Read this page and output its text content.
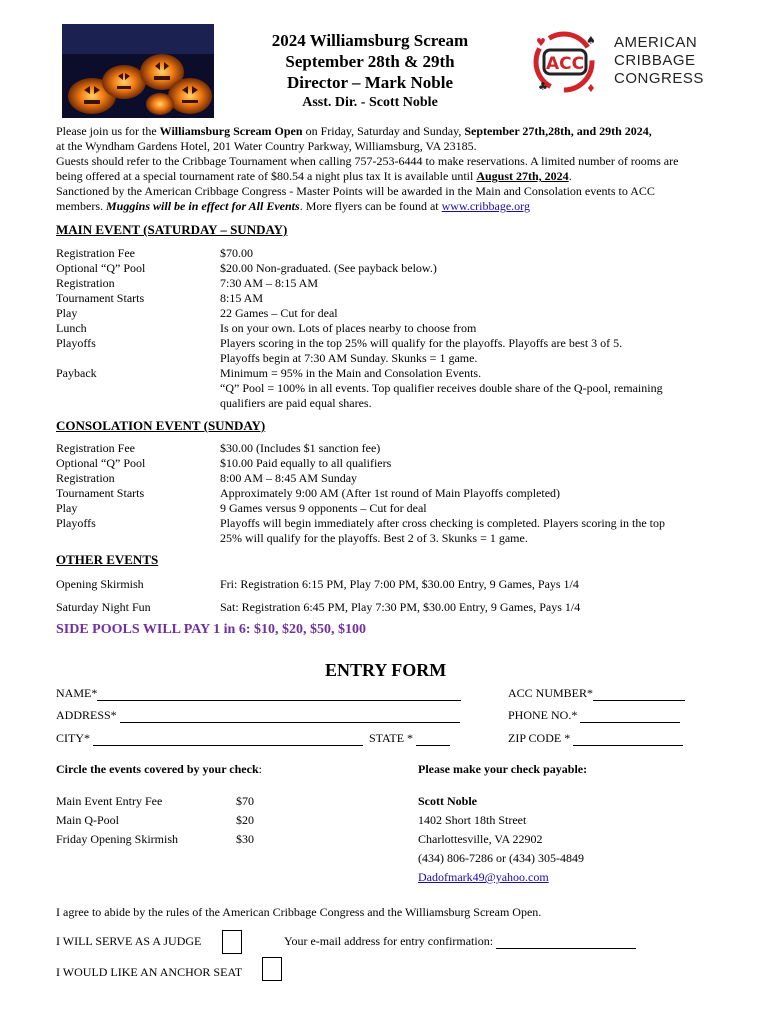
2024 Williamsburg Scream
September 28th & 29th
Director – Mark Noble
Asst. Dir. - Scott Noble
ACC
♥	♠
♣	♦
AMERICAN
CRIBBAGE
CONGRESS
Please join us for the Williamsburg Scream Open on Friday, Saturday and Sunday, September 27th,28th, and 29th 2024,
at the Wyndham Gardens Hotel, 201 Water Country Parkway, Williamsburg, VA 23185.
Guests should refer to the Cribbage Tournament when calling 757-253-6444 to make reservations. A limited number of rooms are
being offered at a special tournament rate of $80.54 a night plus tax It is available until August 27th, 2024.
Sanctioned by the American Cribbage Congress - Master Points will be awarded in the Main and Consolation events to ACC
members. Muggins will be in effect for All Events. More flyers can be found at www.cribbage.org
MAIN EVENT (SATURDAY – SUNDAY)
Registration Fee	$70.00
Optional “Q” Pool	$20.00 Non-graduated. (See payback below.)
Registration	7:30 AM – 8:15 AM
Tournament Starts	8:15 AM
Play	22 Games – Cut for deal
Lunch	Is on your own. Lots of places nearby to choose from
Playoffs	Players scoring in the top 25% will qualify for the playoffs. Playoffs are best 3 of 5.
Playoffs begin at 7:30 AM Sunday. Skunks = 1 game.
Payback	Minimum = 95% in the Main and Consolation Events.
“Q” Pool = 100% in all events. Top qualifier receives double share of the Q-pool, remaining
qualifiers are paid equal shares.
CONSOLATION EVENT (SUNDAY)
Registration Fee	$30.00 (Includes $1 sanction fee)
Optional “Q” Pool	$10.00 Paid equally to all qualifiers
Registration	8:00 AM – 8:45 AM Sunday
Tournament Starts	Approximately 9:00 AM (After 1st round of Main Playoffs completed)
Play	9 Games versus 9 opponents – Cut for deal
Playoffs	Playoffs will begin immediately after cross checking is completed. Players scoring in the top
25% will qualify for the playoffs. Best 2 of 3. Skunks = 1 game.
OTHER EVENTS
Opening Skirmish	Fri: Registration 6:15 PM, Play 7:00 PM, $30.00 Entry, 9 Games, Pays 1/4
Saturday Night Fun	Sat: Registration 6:45 PM, Play 7:30 PM, $30.00 Entry, 9 Games, Pays 1/4
SIDE POOLS WILL PAY 1 in 6: $10, $20, $50, $100
ENTRY FORM
NAME*	ACC NUMBER*
ADDRESS*	PHONE NO.*
CITY*	STATE *	ZIP CODE *
Circle the events covered by your check:	Please make your check payable:
Main Event Entry Fee	$70
Main Q-Pool	$20
Friday Opening Skirmish	$30
Scott Noble
1402 Short 18th Street
Charlottesville, VA 22902
(434) 806-7286 or (434) 305-4849
Dadofmark49@yahoo.com
I agree to abide by the rules of the American Cribbage Congress and the Williamsburg Scream Open.
I WILL SERVE AS A JUDGE	Your e-mail address for entry confirmation:
I WOULD LIKE AN ANCHOR SEAT
